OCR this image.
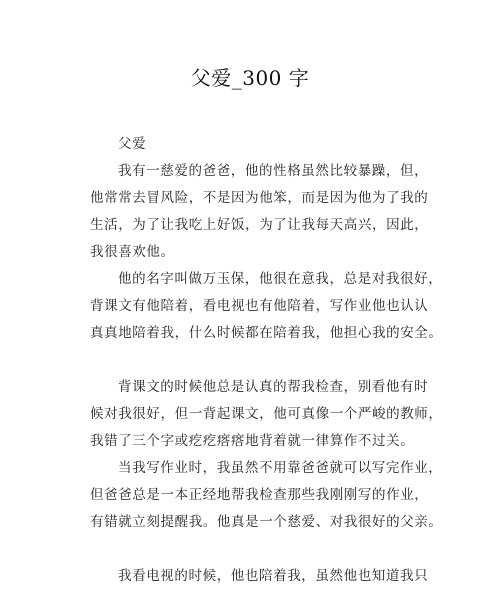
父爱_300 字
父爱
我有一慈爱的爸爸，他的性格虽然比较暴躁，但，
他常常去冒风险，不是因为他笨，而是因为他为了我的
生活，为了让我吃上好饭，为了让我每天高兴，因此，
我很喜欢他。
他的名字叫做万玉保，他很在意我，总是对我很好，
背课文有他陪着，看电视也有他陪着，写作业他也认认
真真地陪着我，什么时候都在陪着我，他担心我的安全。
背课文的时候他总是认真的帮我检查，别看他有时
候对我很好，但一背起课文，他可真像一个严峻的教师，
我错了三个字或疙疙瘩瘩地背着就一律算作不过关。
当我写作业时，我虽然不用靠爸爸就可以写完作业，
但爸爸总是一本正经地帮我检查那些我刚刚写的作业，
有错就立刻提醒我。他真是一个慈爱、对我很好的父亲。
我看电视的时候，他也陪着我，虽然他也知道我只
